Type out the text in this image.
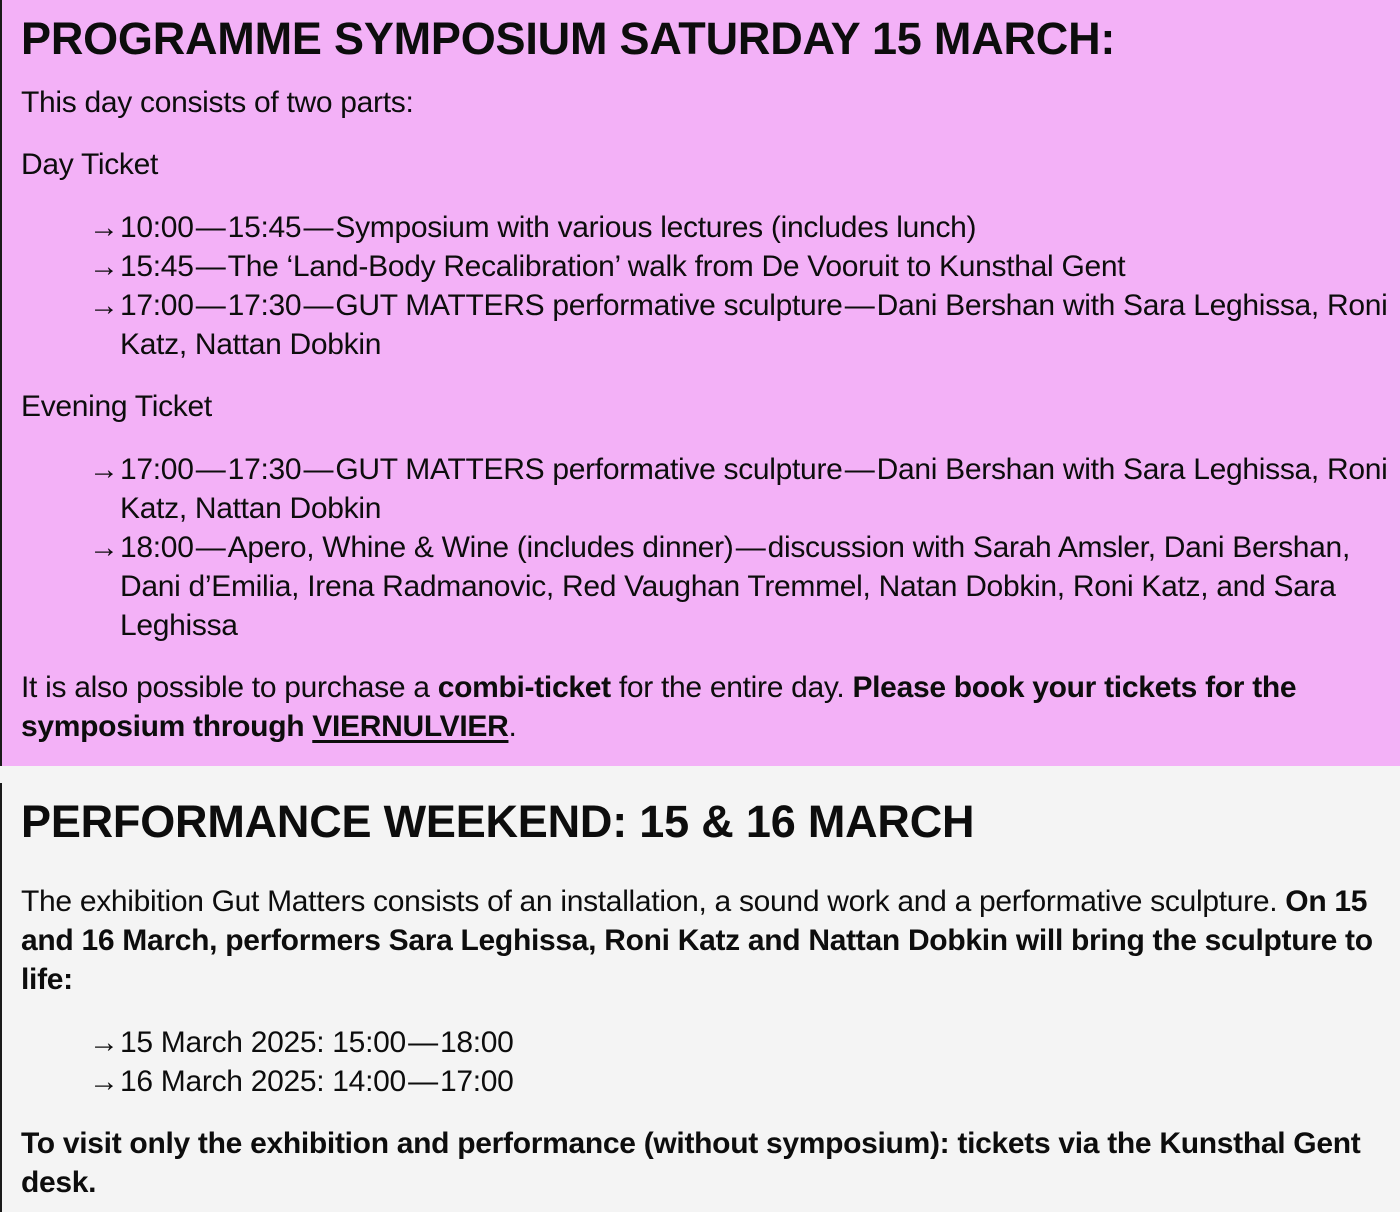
PROGRAMME SYMPOSIUM SATURDAY 15 MARCH:

This day consists of two parts:

Day Ticket

→ 10:00 — 15:45 — Symposium with various lectures (includes lunch)
→ 15:45 — The ‘Land-Body Recalibration’ walk from De Vooruit to Kunsthal Gent
→ 17:00 — 17:30 — GUT MATTERS performative sculpture — Dani Bershan with Sara Leghissa, Roni Katz, Nattan Dobkin

Evening Ticket

→ 17:00 — 17:30 — GUT MATTERS performative sculpture — Dani Bershan with Sara Leghissa, Roni Katz, Nattan Dobkin
→ 18:00 — Apero, Whine & Wine (includes dinner) — discussion with Sarah Amsler, Dani Bershan, Dani d’Emilia, Irena Radmanovic, Red Vaughan Tremmel, Natan Dobkin, Roni Katz, and Sara Leghissa

It is also possible to purchase a combi-ticket for the entire day. Please book your tickets for the symposium through VIERNULVIER.

PERFORMANCE WEEKEND: 15 & 16 MARCH

The exhibition Gut Matters consists of an installation, a sound work and a performative sculpture. On 15 and 16 March, performers Sara Leghissa, Roni Katz and Nattan Dobkin will bring the sculpture to life:

→ 15 March 2025: 15:00 — 18:00
→ 16 March 2025: 14:00 — 17:00

To visit only the exhibition and performance (without symposium): tickets via the Kunsthal Gent desk.
